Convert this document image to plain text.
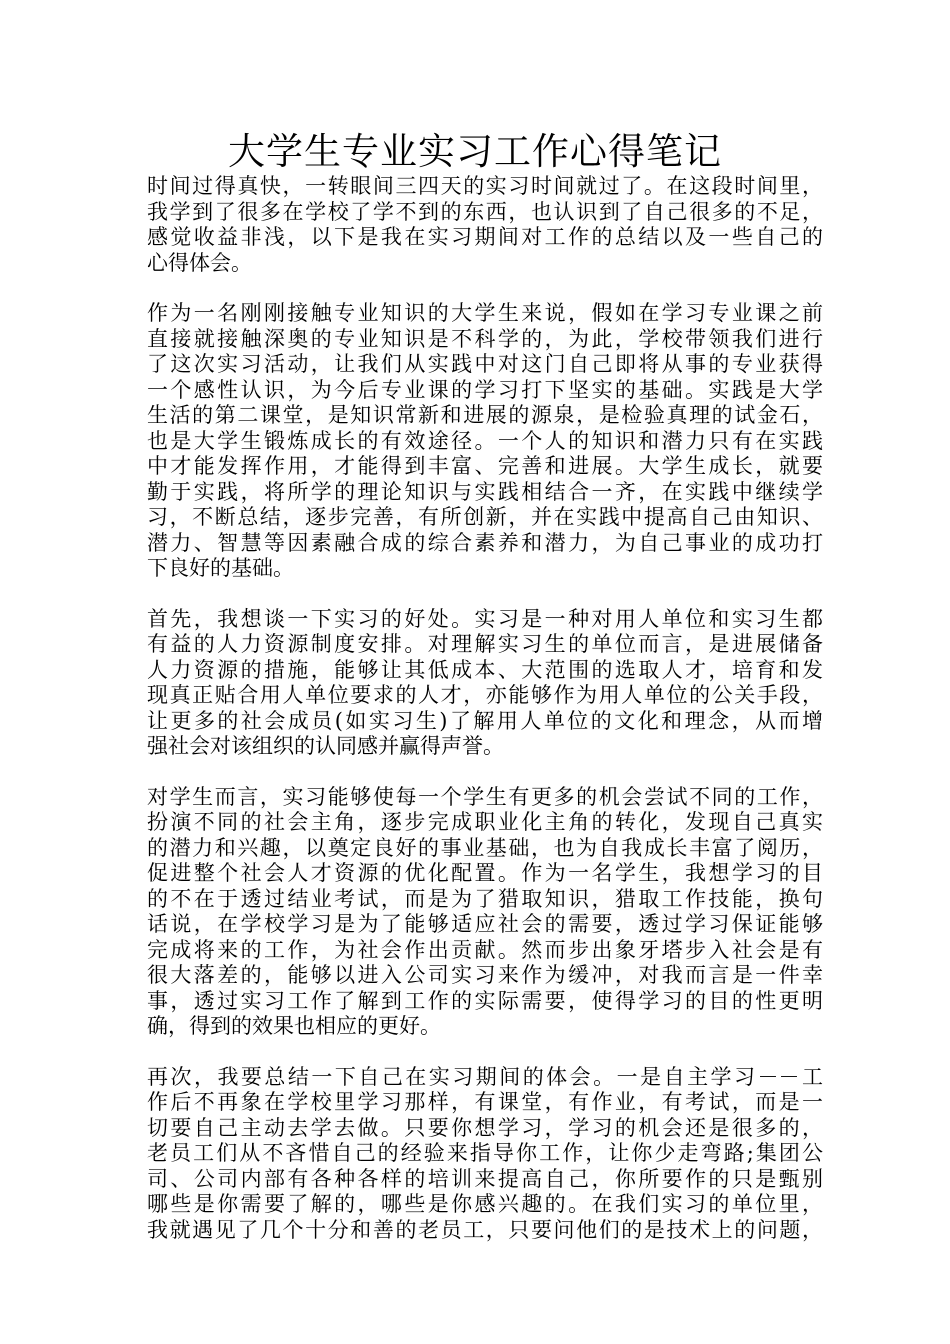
大学生专业实习工作心得笔记
时间过得真快，一转眼间三四天的实习时间就过了。在这段时间里，
我学到了很多在学校了学不到的东西，也认识到了自己很多的不足，
感觉收益非浅，以下是我在实习期间对工作的总结以及一些自己的
心得体会。
作为一名刚刚接触专业知识的大学生来说，假如在学习专业课之前
直接就接触深奥的专业知识是不科学的，为此，学校带领我们进行
了这次实习活动，让我们从实践中对这门自己即将从事的专业获得
一个感性认识，为今后专业课的学习打下坚实的基础。实践是大学
生活的第二课堂，是知识常新和进展的源泉，是检验真理的试金石，
也是大学生锻炼成长的有效途径。一个人的知识和潜力只有在实践
中才能发挥作用，才能得到丰富、完善和进展。大学生成长，就要
勤于实践，将所学的理论知识与实践相结合一齐，在实践中继续学
习，不断总结，逐步完善，有所创新，并在实践中提高自己由知识、
潜力、智慧等因素融合成的综合素养和潜力，为自己事业的成功打
下良好的基础。
首先，我想谈一下实习的好处。实习是一种对用人单位和实习生都
有益的人力资源制度安排。对理解实习生的单位而言，是进展储备
人力资源的措施，能够让其低成本、大范围的选取人才，培育和发
现真正贴合用人单位要求的人才，亦能够作为用人单位的公关手段，
让更多的社会成员(如实习生)了解用人单位的文化和理念，从而增
强社会对该组织的认同感并赢得声誉。
对学生而言，实习能够使每一个学生有更多的机会尝试不同的工作，
扮演不同的社会主角，逐步完成职业化主角的转化，发现自己真实
的潜力和兴趣，以奠定良好的事业基础，也为自我成长丰富了阅历，
促进整个社会人才资源的优化配置。作为一名学生，我想学习的目
的不在于透过结业考试，而是为了猎取知识，猎取工作技能，换句
话说，在学校学习是为了能够适应社会的需要，透过学习保证能够
完成将来的工作，为社会作出贡献。然而步出象牙塔步入社会是有
很大落差的，能够以进入公司实习来作为缓冲，对我而言是一件幸
事，透过实习工作了解到工作的实际需要，使得学习的目的性更明
确，得到的效果也相应的更好。
再次，我要总结一下自己在实习期间的体会。一是自主学习－－工
作后不再象在学校里学习那样，有课堂，有作业，有考试，而是一
切要自己主动去学去做。只要你想学习，学习的机会还是很多的，
老员工们从不吝惜自己的经验来指导你工作，让你少走弯路;集团公
司、公司内部有各种各样的培训来提高自己，你所要作的只是甄别
哪些是你需要了解的，哪些是你感兴趣的。在我们实习的单位里，
我就遇见了几个十分和善的老员工，只要问他们的是技术上的问题，
